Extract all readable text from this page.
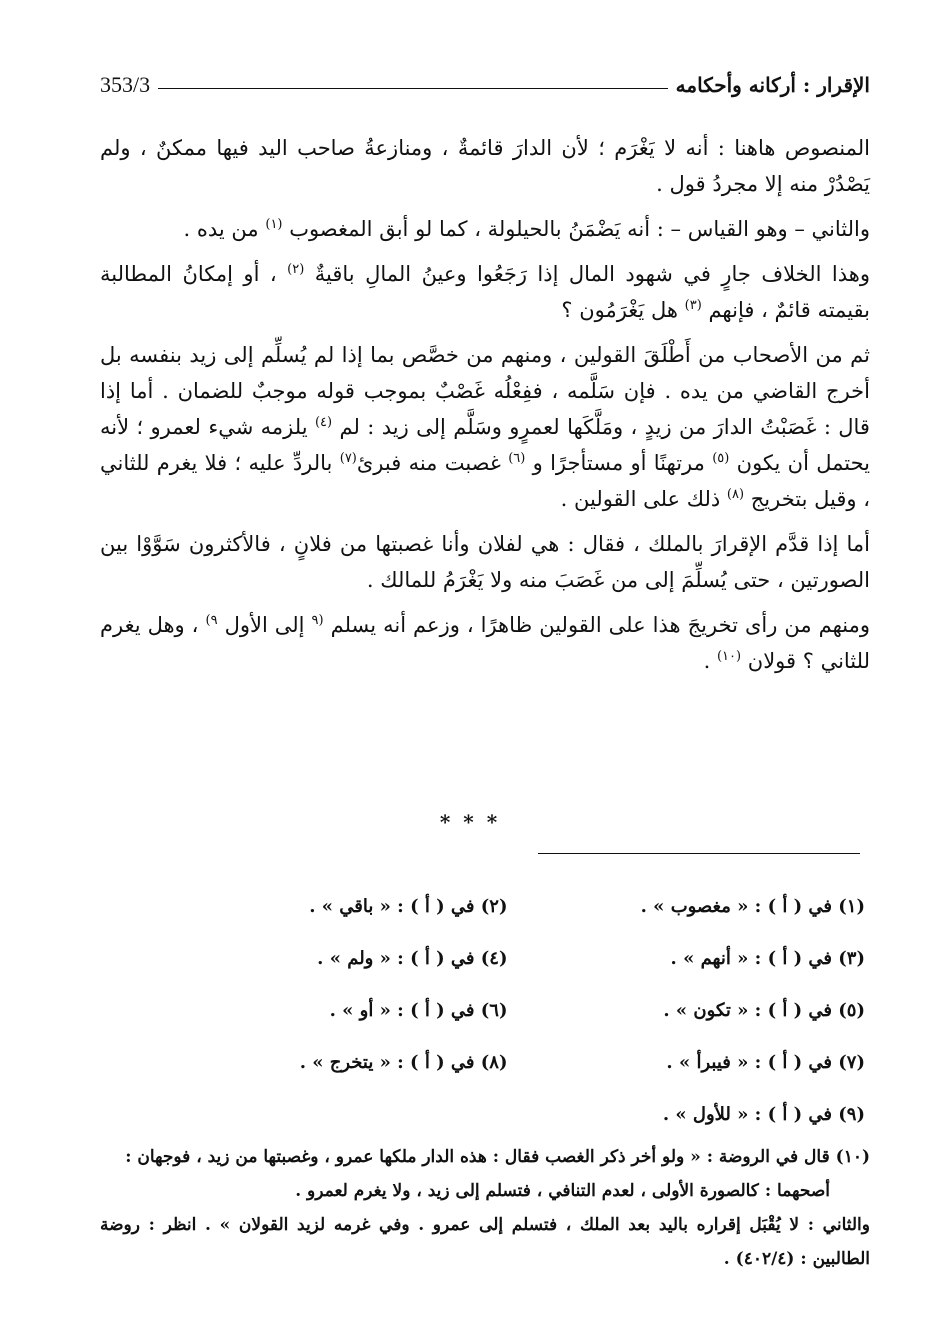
353/3	الإقرار : أركانه وأحكامه

المنصوص هاهنا : أنه لا يَغْرَم ؛ لأن الدارَ قائمةٌ ، ومنازعةُ صاحب اليد فيها ممكنٌ ، ولم يَصْدُرْ منه إلا مجردُ قول .

والثاني – وهو القياس – : أنه يَضْمَنُ بالحيلولة ، كما لو أبق المغصوب $^{(١)}$ من يده .

وهذا الخلاف جارٍ في شهود المال إذا رَجَعُوا وعينُ المالِ باقيةٌ $^{(٢)}$ ، أو إمكانُ المطالبة بقيمته قائمٌ ، فإنهم $^{(٣)}$ هل يَغْرَمُون ؟

ثم من الأصحاب من أَطْلَقَ القولين ، ومنهم من خصَّص بما إذا لم يُسلِّم إلى زيد بنفسه بل أخرج القاضي من يده . فإن سَلَّمه ، ففِعْلُه غَصْبٌ بموجب قوله موجبٌ للضمان . أما إذا قال : غَصَبْتُ الدارَ من زيدٍ ، ومَلَّكَها لعمرٍو وسَلَّم إلى زيد : لم $^{(٤)}$ يلزمه شيء لعمرو ؛ لأنه يحتمل أن يكون $^{(٥)}$ مرتهنًا أو مستأجرًا و $^{(٦)}$ غصبت منه فبرئ$^{(٧)}$ بالردِّ عليه ؛ فلا يغرم للثاني ، وقيل بتخريج $^{(٨)}$ ذلك على القولين .

أما إذا قدَّم الإقرارَ بالملك ، فقال : هي لفلان وأنا غصبتها من فلانٍ ، فالأكثرون سَوَّوْا بين الصورتين ، حتى يُسلِّمَ إلى من غَصَبَ منه ولا يَغْرَمُ للمالك .

ومنهم من رأى تخريجَ هذا على القولين ظاهرًا ، وزعم أنه يسلم $^{(٩}$ إلى الأول $^{٩)}$ ، وهل يغرم للثاني ؟ قولان $^{(١٠)}$ .

* * *
(١) في ( أ ) : « مغصوب » .
(٢) في ( أ ) : « باقي » .
(٣) في ( أ ) : « أنهم » .
(٤) في ( أ ) : « ولم » .
(٥) في ( أ ) : « تكون » .
(٦) في ( أ ) : « أو » .
(٧) في ( أ ) : « فيبرأ » .
(٨) في ( أ ) : « يتخرج » .
(٩) في ( أ ) : « للأول » .
(١٠) قال في الروضة : « ولو أخر ذكر الغصب فقال : هذه الدار ملكها عمرو ، وغصبتها من زيد ، فوجهان :
أصحهما : كالصورة الأولى ، لعدم التنافي ، فتسلم إلى زيد ، ولا يغرم لعمرو .
والثاني : لا يُقْبَل إقراره باليد بعد الملك ، فتسلم إلى عمرو . وفي غرمه لزيد القولان » . انظر : روضة الطالبين : (٤٠٢/٤) .
